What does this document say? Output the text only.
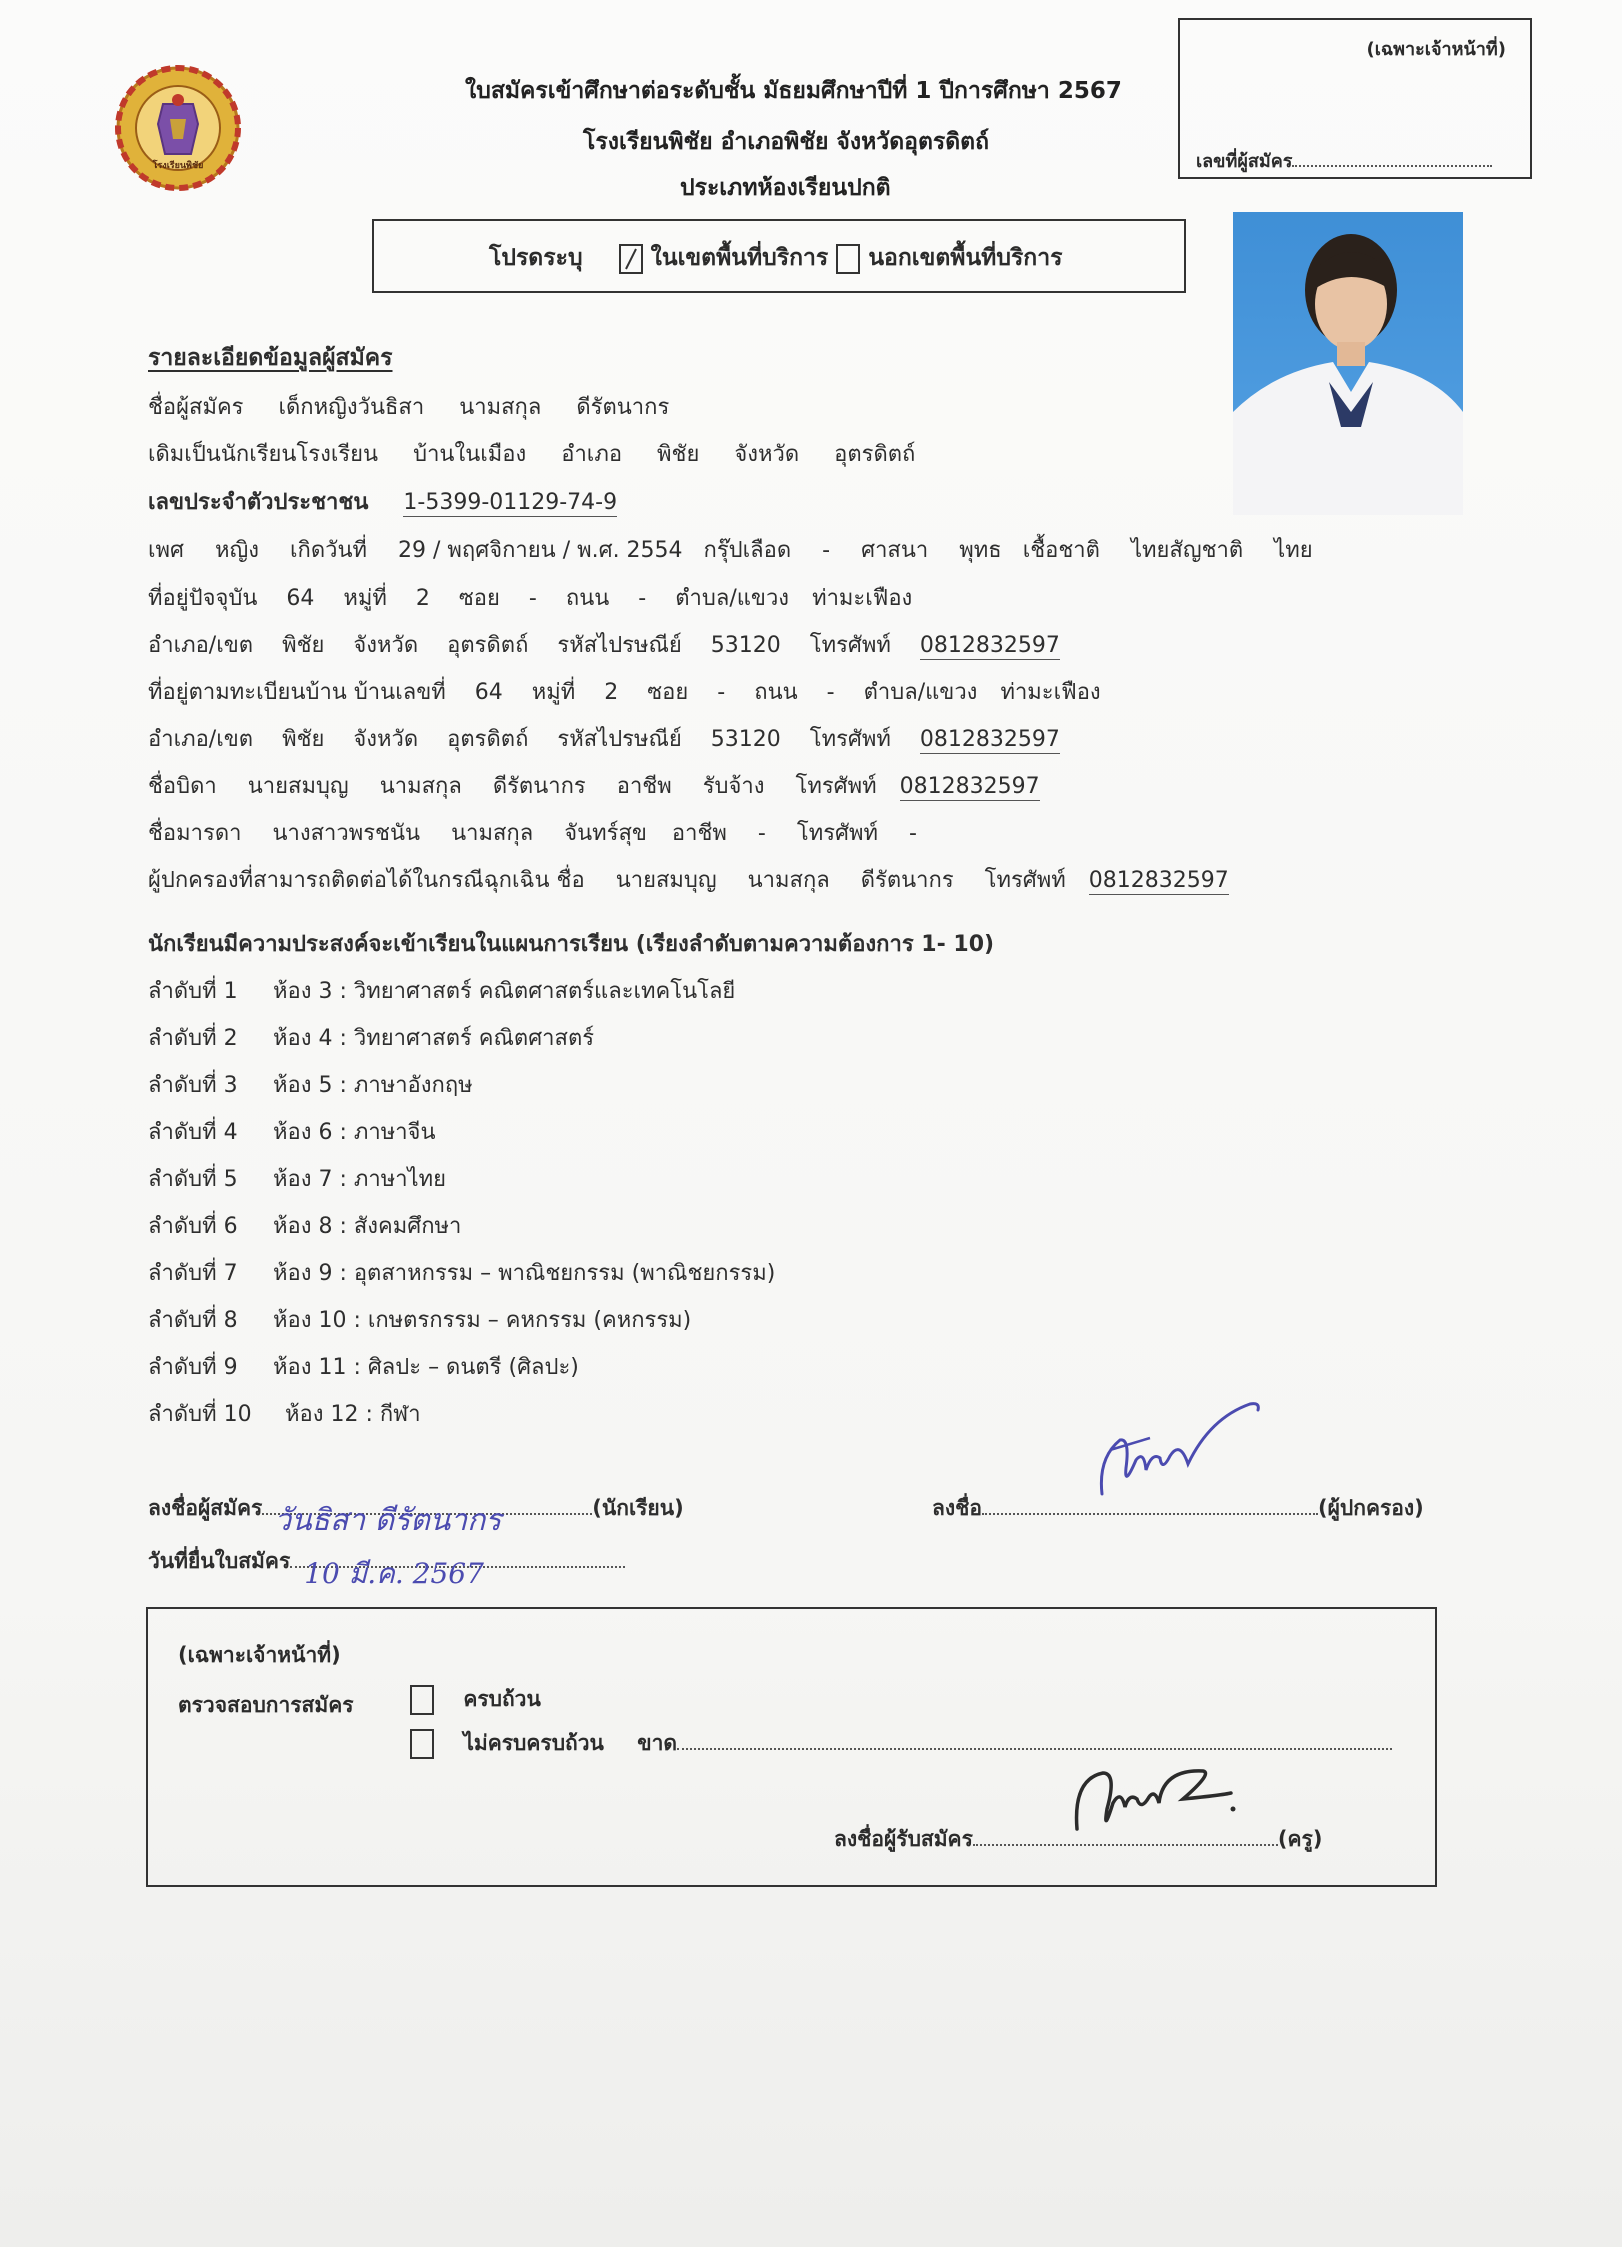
โรงเรียนพิชัย
ใบสมัครเข้าศึกษาต่อระดับชั้น มัธยมศึกษาปีที่ 1 ปีการศึกษา 2567
โรงเรียนพิชัย อำเภอพิชัย จังหวัดอุตรดิตถ์
ประเภทห้องเรียนปกติ
(เฉพาะเจ้าหน้าที่)
เลขที่ผู้สมัคร
โปรดระบุ	ในเขตพื้นที่บริการ นอกเขตพื้นที่บริการ
รายละเอียดข้อมูลผู้สมัคร
ชื่อผู้สมัคร เด็กหญิงวันธิสา นามสกุล ดีรัตนากร
เดิมเป็นนักเรียนโรงเรียน บ้านในเมือง อำเภอ พิชัย จังหวัด อุตรดิตถ์
เลขประจำตัวประชาชน 1-5399-01129-74-9
เพศ หญิง เกิดวันที่ 29 / พฤศจิกายน / พ.ศ. 2554 กรุ๊ปเลือด - ศาสนา พุทธ เชื้อชาติ ไทยสัญชาติ ไทย
ที่อยู่ปัจจุบัน 64 หมู่ที่ 2 ซอย - ถนน - ตำบล/แขวง ท่ามะเฟือง
อำเภอ/เขต พิชัย จังหวัด อุตรดิตถ์ รหัสไปรษณีย์ 53120 โทรศัพท์ 0812832597
ที่อยู่ตามทะเบียนบ้าน บ้านเลขที่ 64 หมู่ที่ 2 ซอย - ถนน - ตำบล/แขวง ท่ามะเฟือง
อำเภอ/เขต พิชัย จังหวัด อุตรดิตถ์ รหัสไปรษณีย์ 53120 โทรศัพท์ 0812832597
ชื่อบิดา นายสมบุญ นามสกุล ดีรัตนากร อาชีพ รับจ้าง โทรศัพท์ 0812832597
ชื่อมารดา นางสาวพรชนัน นามสกุล จันทร์สุข อาชีพ - โทรศัพท์ -
ผู้ปกครองที่สามารถติดต่อได้ในกรณีฉุกเฉิน ชื่อ นายสมบุญ นามสกุล ดีรัตนากร โทรศัพท์ 0812832597
นักเรียนมีความประสงค์จะเข้าเรียนในแผนการเรียน (เรียงลำดับตามความต้องการ 1- 10)
ลำดับที่ 1 ห้อง 3 : วิทยาศาสตร์ คณิตศาสตร์และเทคโนโลยี
ลำดับที่ 2 ห้อง 4 : วิทยาศาสตร์ คณิตศาสตร์
ลำดับที่ 3 ห้อง 5 : ภาษาอังกฤษ
ลำดับที่ 4 ห้อง 6 : ภาษาจีน
ลำดับที่ 5 ห้อง 7 : ภาษาไทย
ลำดับที่ 6 ห้อง 8 : สังคมศึกษา
ลำดับที่ 7 ห้อง 9 : อุตสาหกรรม – พาณิชยกรรม (พาณิชยกรรม)
ลำดับที่ 8 ห้อง 10 : เกษตรกรรม – คหกรรม (คหกรรม)
ลำดับที่ 9 ห้อง 11 : ศิลปะ – ดนตรี (ศิลปะ)
ลำดับที่ 10 ห้อง 12 : กีฬา
ลงชื่อผู้สมัคร วันธิสา ดีรัตนากร	(นักเรียน)
วันที่ยื่นใบสมัคร 10 มี.ค. 2567
ลงชื่อ	(ผู้ปกครอง)
(เฉพาะเจ้าหน้าที่)
ตรวจสอบการสมัคร	ครบถ้วน
ไม่ครบครบถ้วน ขาด
ลงชื่อผู้รับสมัคร	(ครู)
